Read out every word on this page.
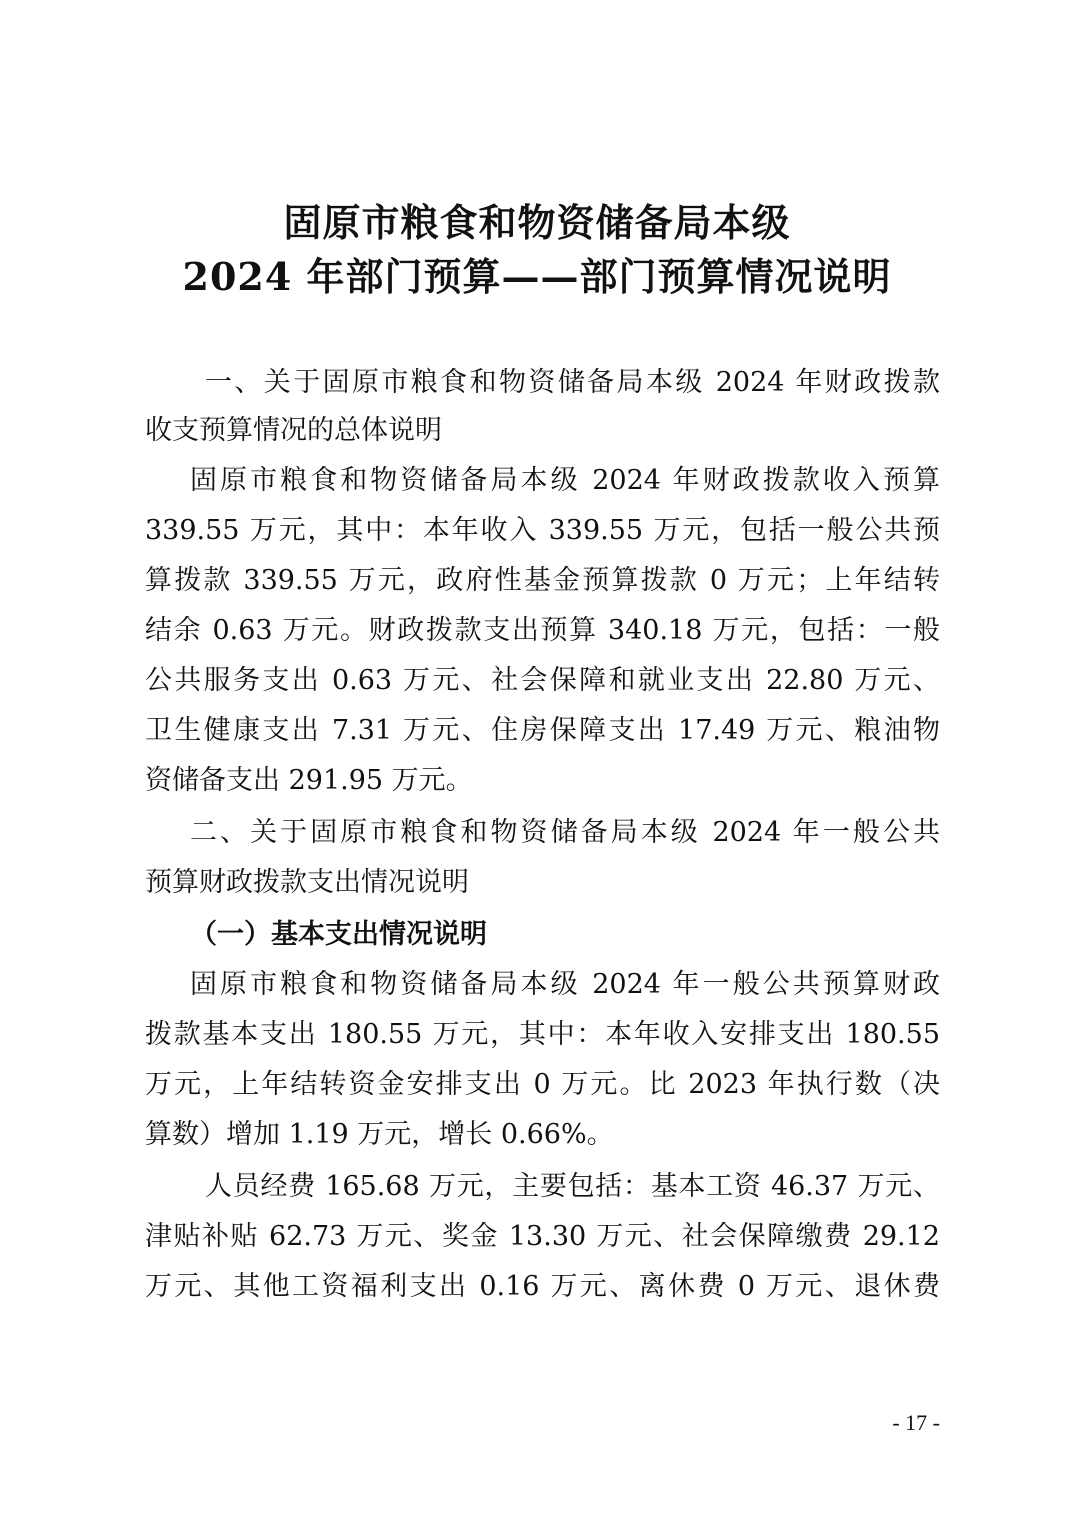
固原市粮食和物资储备局本级
2024 年部门预算——部门预算情况说明
一、关于固原市粮食和物资储备局本级 2024 年财政拨款
收支预算情况的总体说明
固原市粮食和物资储备局本级 2024 年财政拨款收入预算
339.55 万元，其中：本年收入 339.55 万元，包括一般公共预
算拨款 339.55 万元，政府性基金预算拨款 0 万元；上年结转
结余 0.63 万元。财政拨款支出预算 340.18 万元，包括：一般
公共服务支出 0.63 万元、社会保障和就业支出 22.80 万元、
卫生健康支出 7.31 万元、住房保障支出 17.49 万元、粮油物
资储备支出 291.95 万元。
二、关于固原市粮食和物资储备局本级 2024 年一般公共
预算财政拨款支出情况说明
（一）基本支出情况说明
固原市粮食和物资储备局本级 2024 年一般公共预算财政
拨款基本支出 180.55 万元，其中：本年收入安排支出 180.55
万元，上年结转资金安排支出 0 万元。比 2023 年执行数（决
算数）增加 1.19 万元，增长 0.66%。
人员经费 165.68 万元，主要包括：基本工资 46.37 万元、
津贴补贴 62.73 万元、奖金 13.30 万元、社会保障缴费 29.12
万元、其他工资福利支出 0.16 万元、离休费 0 万元、退休费
- 17 -
